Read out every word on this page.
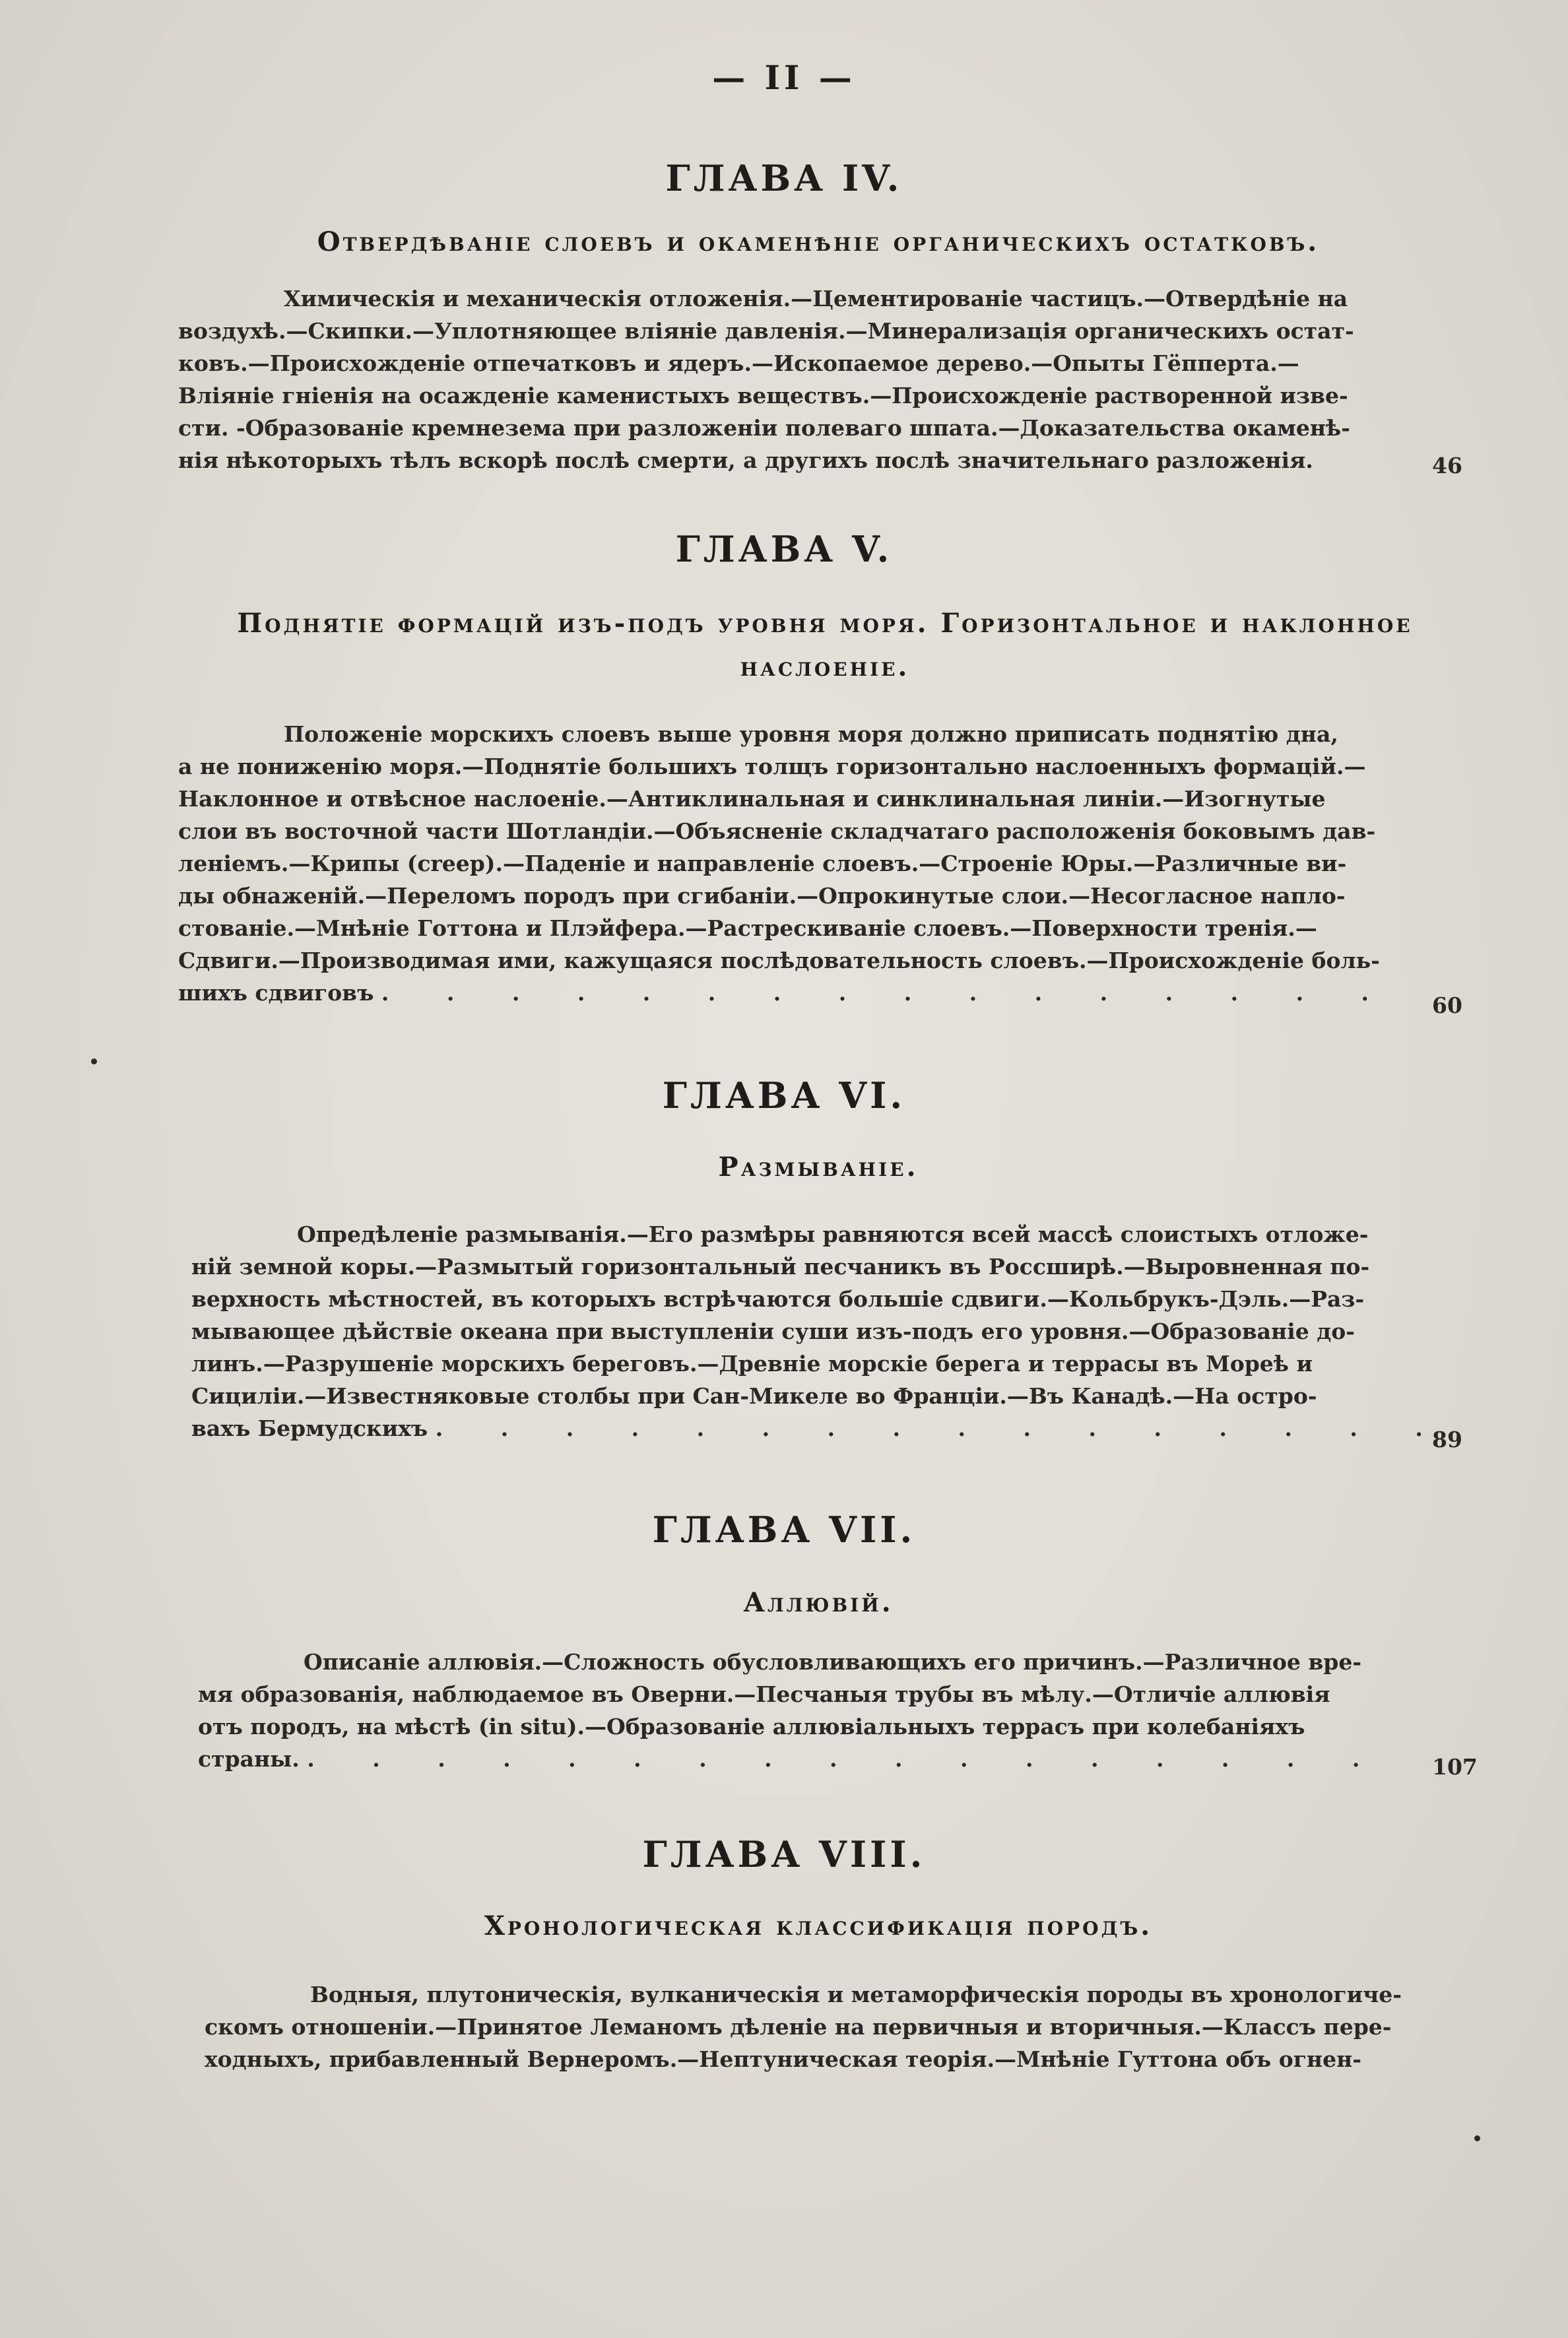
— II —
ГЛАВА IV.
Отвердѣваніе слоевъ и окаменѣніе органическихъ остатковъ.
Химическія и механическія отложенія.—Цементированіе частицъ.—Отвердѣніе на
воздухѣ.—Скипки.—Уплотняющее вліяніе давленія.—Минерализація органическихъ остат-
ковъ.—Происхожденіе отпечатковъ и ядеръ.—Ископаемое дерево.—Опыты Гёпперта.—
Вліяніе гніенія на осажденіе каменистыхъ веществъ.—Происхожденіе растворенной изве-
сти. -Образованіе кремнезема при разложеніи полеваго шпата.—Доказательства окаменѣ-
нія нѣкоторыхъ тѣлъ вскорѣ послѣ смерти, а другихъ послѣ значительнаго разложенія.	46
ГЛАВА V.
Поднятіе формацій изъ-подъ уровня моря. Горизонтальное и наклонное
наслоеніе.
Положеніе морскихъ слоевъ выше уровня моря должно приписать поднятію дна,
а не пониженію моря.—Поднятіе большихъ толщъ горизонтально наслоенныхъ формацій.—
Наклонное и отвѣсное наслоеніе.—Антиклинальная и синклинальная линіи.—Изогнутые
слои въ восточной части Шотландіи.—Объясненіе складчатаго расположенія боковымъ дав-
леніемъ.—Крипы (creep).—Паденіе и направленіе слоевъ.—Строеніе Юры.—Различные ви-
ды обнаженій.—Переломъ породъ при сгибаніи.—Опрокинутые слои.—Несогласное напло-
стованіе.—Мнѣніе Готтона и Плэйфера.—Растрескиваніе слоевъ.—Поверхности тренія.—
Сдвиги.—Производимая ими, кажущаяся послѣдовательность слоевъ.—Происхожденіе боль-
шихъ сдвиговъ . . . . . . . . . . . . . . . . 60
ГЛАВА VI.
Размываніе.
Опредѣленіе размыванія.—Его размѣры равняются всей массѣ слоистыхъ отложе-
ній земной коры.—Размытый горизонтальный песчаникъ въ Россширѣ.—Выровненная по-
верхность мѣстностей, въ которыхъ встрѣчаются большіе сдвиги.—Кольбрукъ-Дэль.—Раз-
мывающее дѣйствіе океана при выступленіи суши изъ-подъ его уровня.—Образованіе до-
линъ.—Разрушеніе морскихъ береговъ.—Древніе морскіе берега и террасы въ Мореѣ и
Сициліи.—Известняковые столбы при Сан-Микеле во Франціи.—Въ Канадѣ.—На остро-
вахъ Бермудскихъ . . . . . . . . . . . . . . . .
89
ГЛАВА VII.
Аллювій.
Описаніе аллювія.—Сложность обусловливающихъ его причинъ.—Различное вре-
мя образованія, наблюдаемое въ Оверни.—Песчаныя трубы въ мѣлу.—Отличіе аллювія
отъ породъ, на мѣстѣ (in situ).—Образованіе аллювіальныхъ террасъ при колебаніяхъ
страны. . . . . . . . . . . . . . . . . .	107
ГЛАВА VIII.
Хронологическая классификація породъ.
Водныя, плутоническія, вулканическія и метаморфическія породы въ хронологиче-
скомъ отношеніи.—Принятое Леманомъ дѣленіе на первичныя и вторичныя.—Классъ пере-
ходныхъ, прибавленный Вернеромъ.—Нептуническая теорія.—Мнѣніе Гуттона объ огнен-
